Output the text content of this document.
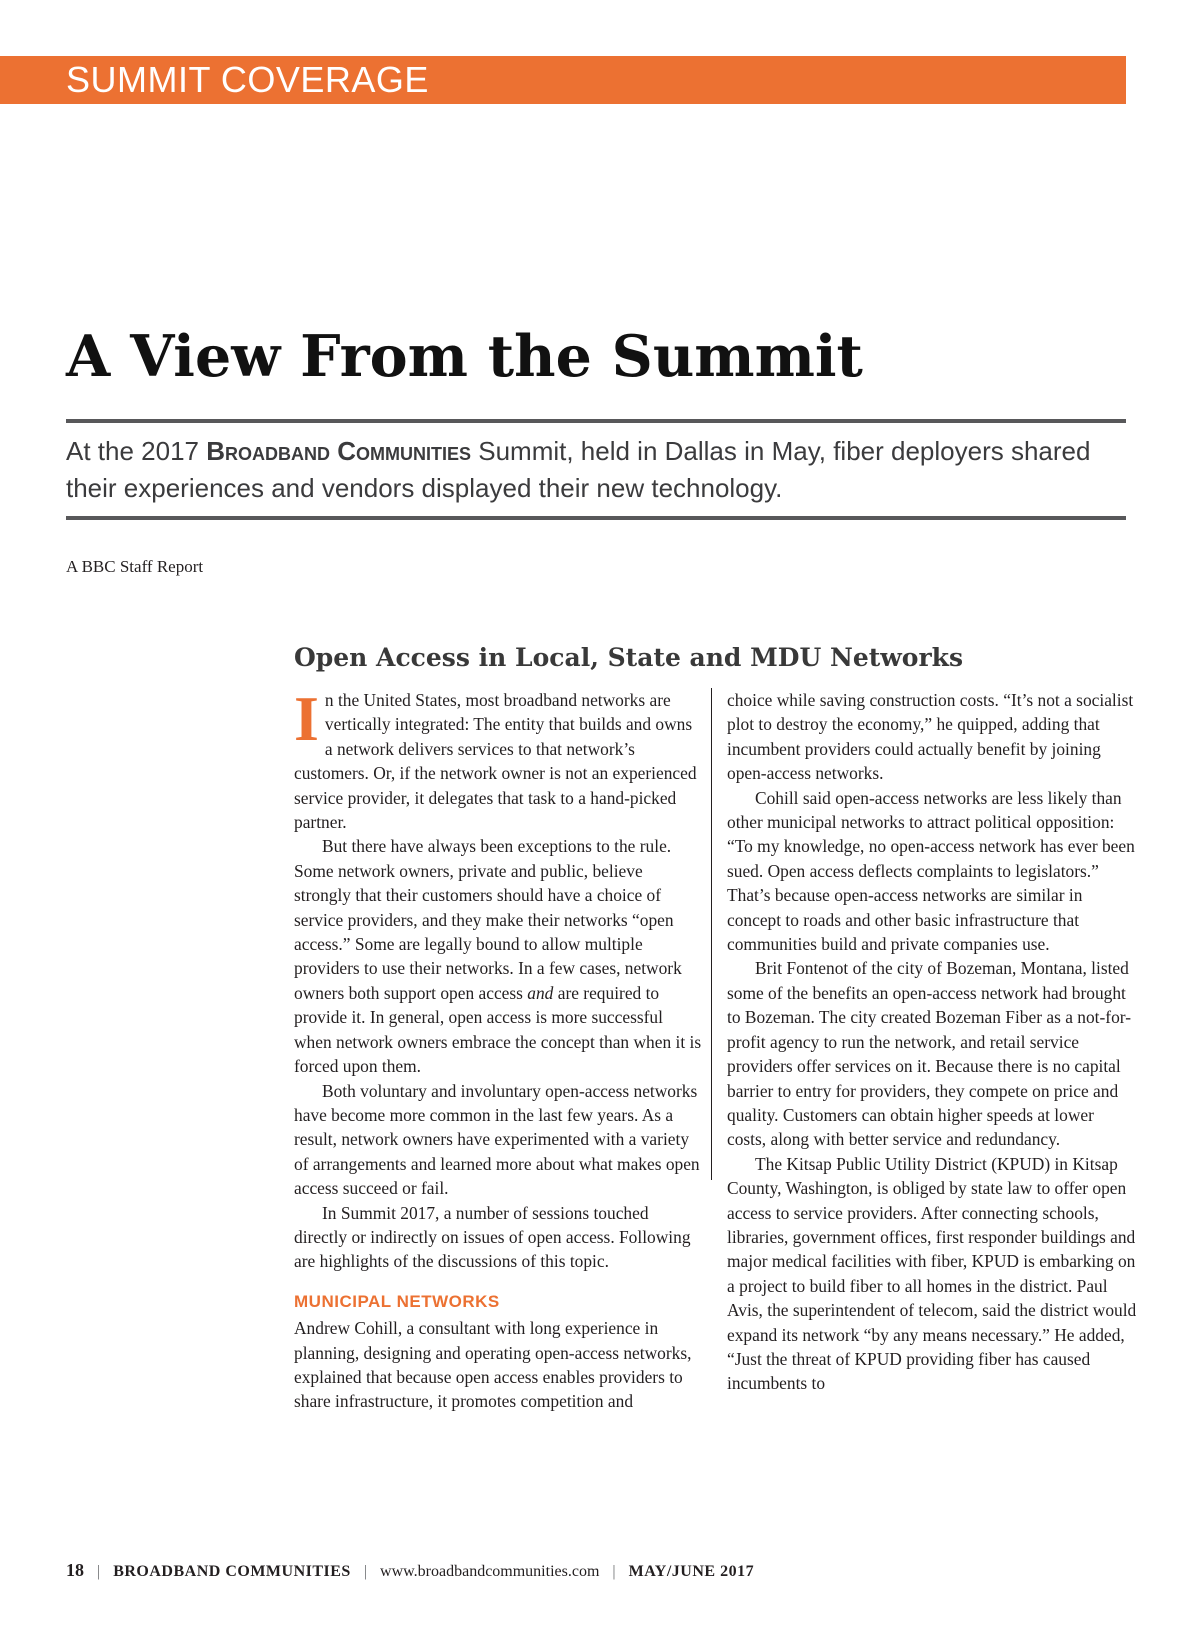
SUMMIT COVERAGE
A View From the Summit

At the 2017 Broadband Communities Summit, held in Dallas in May, fiber deployers shared their experiences and vendors displayed their new technology.

A BBC Staff Report
Open Access in Local, State and MDU Networks

In the United States, most broadband networks are vertically integrated: The entity that builds and owns a network delivers services to that network’s customers. Or, if the network owner is not an experienced service provider, it delegates that task to a hand-picked partner.

But there have always been exceptions to the rule. Some network owners, private and public, believe strongly that their customers should have a choice of service providers, and they make their networks “open access.” Some are legally bound to allow multiple providers to use their networks. In a few cases, network owners both support open access and are required to provide it. In general, open access is more successful when network owners embrace the concept than when it is forced upon them.

Both voluntary and involuntary open-access networks have become more common in the last few years. As a result, network owners have experimented with a variety of arrangements and learned more about what makes open access succeed or fail.

In Summit 2017, a number of sessions touched directly or indirectly on issues of open access. Following are highlights of the discussions of this topic.

MUNICIPAL NETWORKS

Andrew Cohill, a consultant with long experience in planning, designing and operating open-access networks, explained that because open access enables providers to share infrastructure, it promotes competition and

choice while saving construction costs. “It’s not a socialist plot to destroy the economy,” he quipped, adding that incumbent providers could actually benefit by joining open-access networks.

Cohill said open-access networks are less likely than other municipal networks to attract political opposition: “To my knowledge, no open-access network has ever been sued. Open access deflects complaints to legislators.” That’s because open-access networks are similar in concept to roads and other basic infrastructure that communities build and private companies use.

Brit Fontenot of the city of Bozeman, Montana, listed some of the benefits an open-access network had brought to Bozeman. The city created Bozeman Fiber as a not-for-profit agency to run the network, and retail service providers offer services on it. Because there is no capital barrier to entry for providers, they compete on price and quality. Customers can obtain higher speeds at lower costs, along with better service and redundancy.

The Kitsap Public Utility District (KPUD) in Kitsap County, Washington, is obliged by state law to offer open access to service providers. After connecting schools, libraries, government offices, first responder buildings and major medical facilities with fiber, KPUD is embarking on a project to build fiber to all homes in the district. Paul Avis, the superintendent of telecom, said the district would expand its network “by any means necessary.” He added, “Just the threat of KPUD providing fiber has caused incumbents to

18 | BROADBAND COMMUNITIES | www.broadbandcommunities.com | MAY/JUNE 2017
